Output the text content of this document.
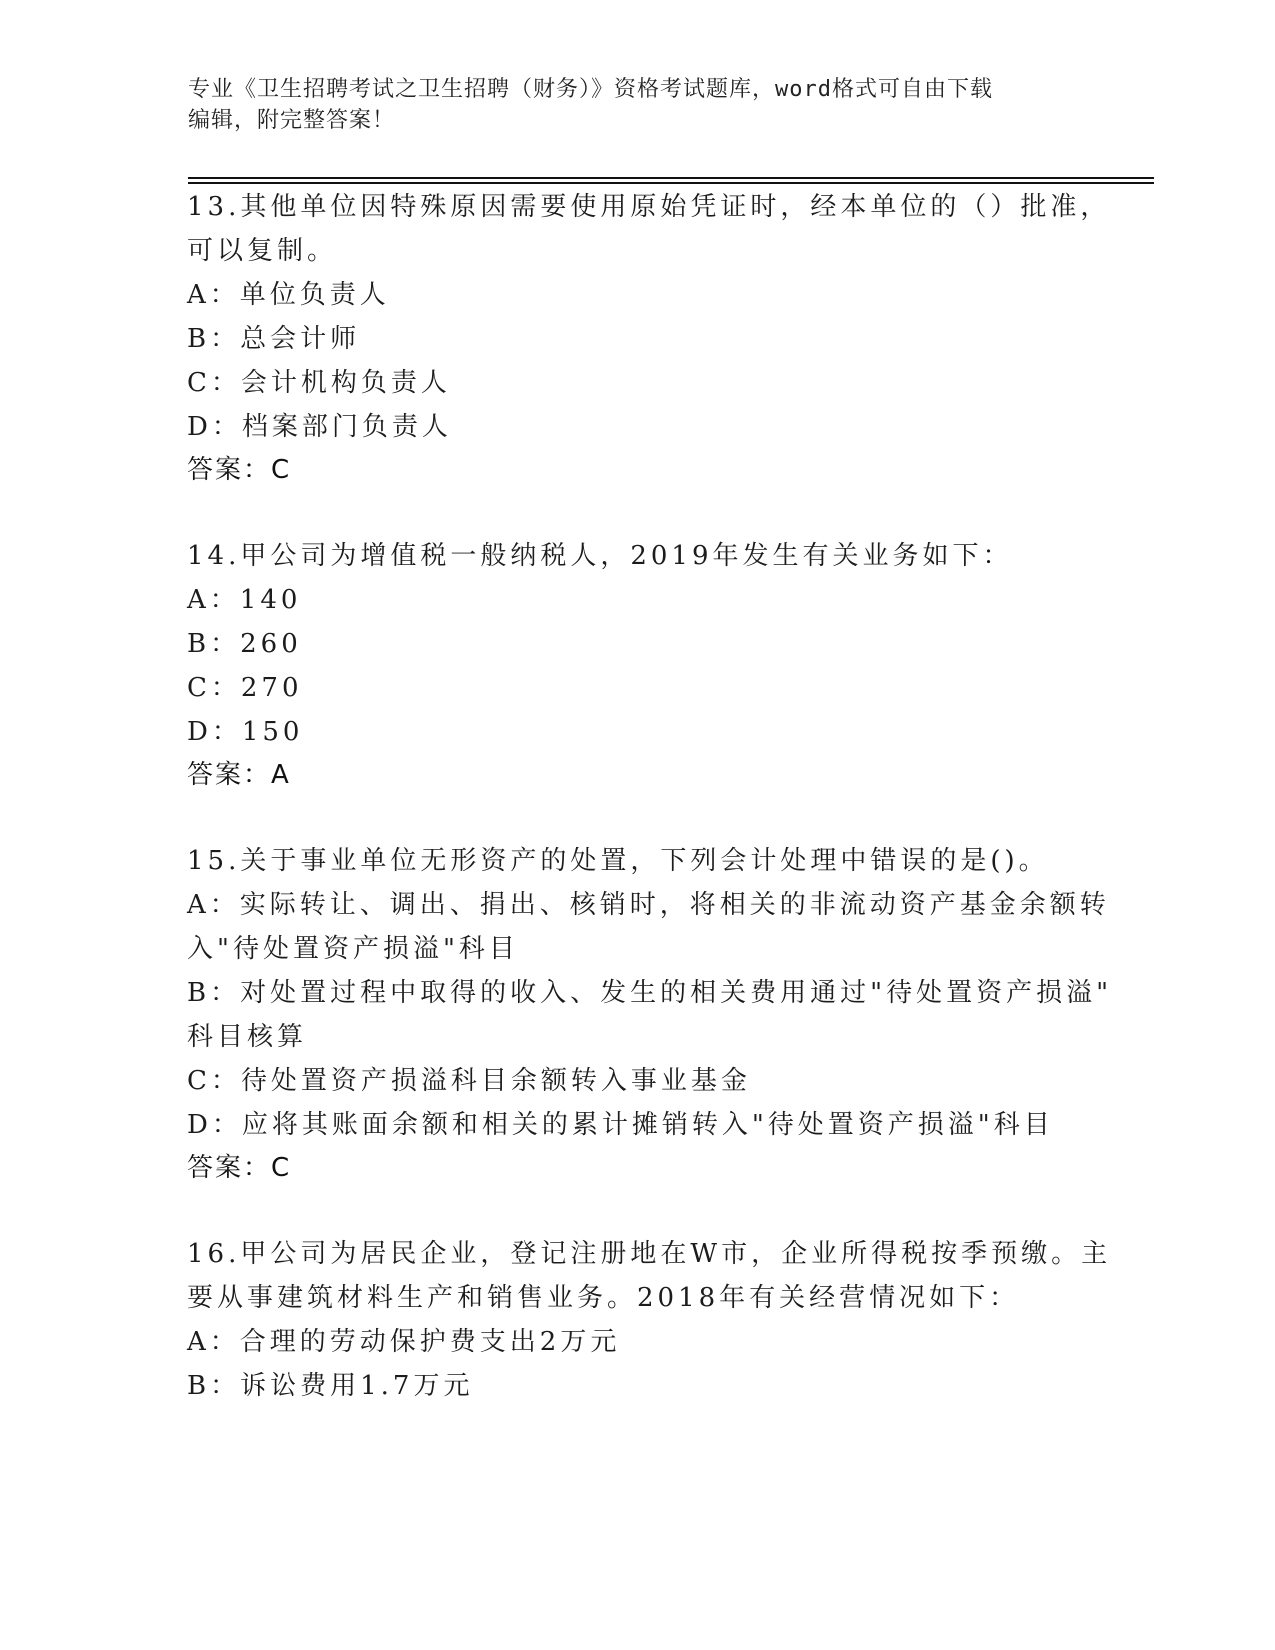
专业《卫生招聘考试之卫生招聘（财务）》资格考试题库，word格式可自由下载
编辑，附完整答案！
13.其他单位因特殊原因需要使用原始凭证时，经本单位的（）批准，
可以复制。
A：单位负责人
B：总会计师
C：会计机构负责人
D：档案部门负责人
答案：C
14.甲公司为增值税一般纳税人，2019年发生有关业务如下：
A：140
B：260
C：270
D：150
答案：A
15.关于事业单位无形资产的处置，下列会计处理中错误的是()。
A：实际转让、调出、捐出、核销时，将相关的非流动资产基金余额转
入"待处置资产损溢"科目
B：对处置过程中取得的收入、发生的相关费用通过"待处置资产损溢"
科目核算
C：待处置资产损溢科目余额转入事业基金
D：应将其账面余额和相关的累计摊销转入"待处置资产损溢"科目
答案：C
16.甲公司为居民企业，登记注册地在W市，企业所得税按季预缴。主
要从事建筑材料生产和销售业务。2018年有关经营情况如下：
A：合理的劳动保护费支出2万元
B：诉讼费用1.7万元
